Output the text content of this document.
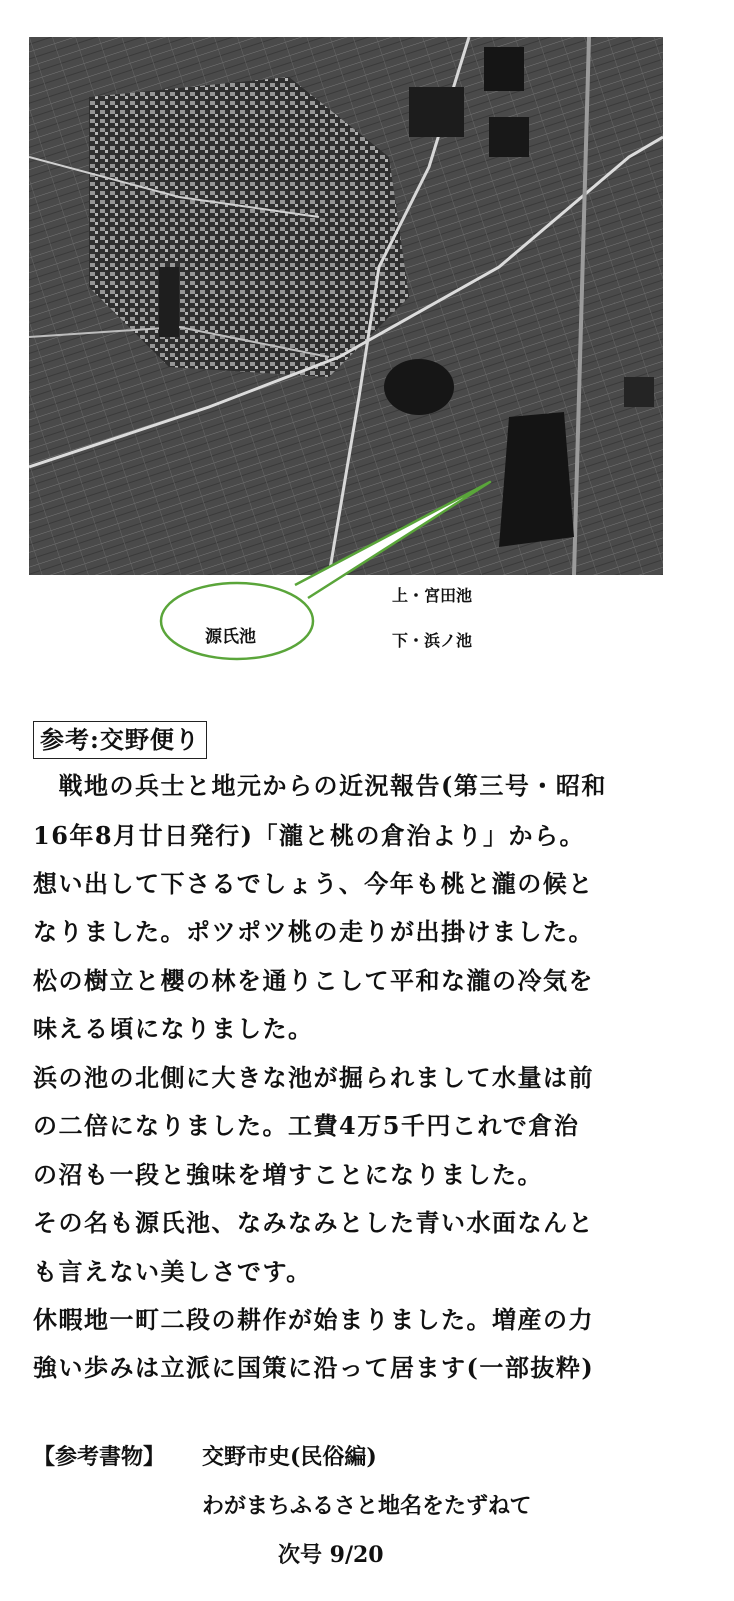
源氏池
上・宮田池
下・浜ノ池
参考:交野便り
　戦地の兵士と地元からの近況報告(第三号・昭和
16年8月廿日発行)「瀧と桃の倉治より」から。
想い出して下さるでしょう、今年も桃と瀧の候と
なりました。ポツポツ桃の走りが出掛けました。
松の樹立と櫻の林を通りこして平和な瀧の冷気を
味える頃になりました。
浜の池の北側に大きな池が掘られまして水量は前
の二倍になりました。工費4万5千円これで倉治
の沼も一段と強味を増すことになりました。
その名も源氏池、なみなみとした青い水面なんと
も言えない美しさです。
休暇地一町二段の耕作が始まりました。増産の力
強い歩みは立派に国策に沿って居ます(一部抜粋)
【参考書物】 交野市史(民俗編)
わがまちふるさと地名をたずねて
次号 9/20
